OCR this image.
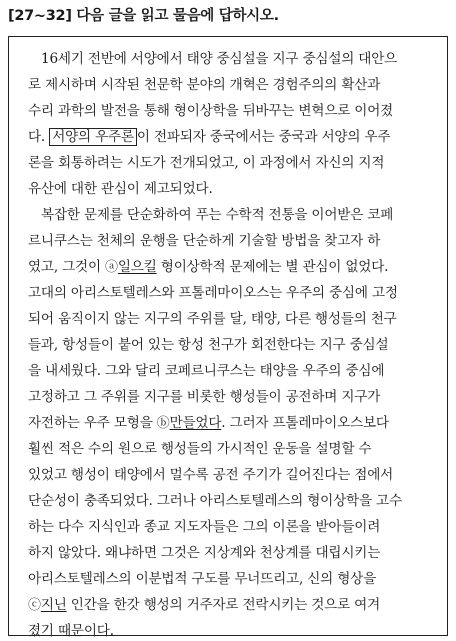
[27~32] 다음 글을 읽고 물음에 답하시오.
16세기 전반에 서양에서 태양 중심설을 지구 중심설의 대안으
로 제시하며 시작된 천문학 분야의 개혁은 경험주의의 확산과
수리 과학의 발전을 통해 형이상학을 뒤바꾸는 변혁으로 이어졌
다. 서양의 우주론 이 전파되자 중국에서는 중국과 서양의 우주
론을 회통하려는 시도가 전개되었고, 이 과정에서 자신의 지적
유산에 대한 관심이 제고되었다.
복잡한 문제를 단순화하여 푸는 수학적 전통을 이어받은 코페
르니쿠스는 천체의 운행을 단순하게 기술할 방법을 찾고자 하
였고, 그것이 ⓐ일으킬 형이상학적 문제에는 별 관심이 없었다.
고대의 아리스토텔레스와 프톨레마이오스는 우주의 중심에 고정
되어 움직이지 않는 지구의 주위를 달, 태양, 다른 행성들의 천구
들과, 항성들이 붙어 있는 항성 천구가 회전한다는 지구 중심설
을 내세웠다. 그와 달리 코페르니쿠스는 태양을 우주의 중심에
고정하고 그 주위를 지구를 비롯한 행성들이 공전하며 지구가
자전하는 우주 모형을 ⓑ만들었다. 그러자 프톨레마이오스보다
훨씬 적은 수의 원으로 행성들의 가시적인 운동을 설명할 수
있었고 행성이 태양에서 멀수록 공전 주기가 길어진다는 점에서
단순성이 충족되었다. 그러나 아리스토텔레스의 형이상학을 고수
하는 다수 지식인과 종교 지도자들은 그의 이론을 받아들이려
하지 않았다. 왜냐하면 그것은 지상계와 천상계를 대립시키는
아리스토텔레스의 이분법적 구도를 무너뜨리고, 신의 형상을
ⓒ지닌 인간을 한갓 행성의 거주자로 전락시키는 것으로 여겨
졌기 때문이다.
